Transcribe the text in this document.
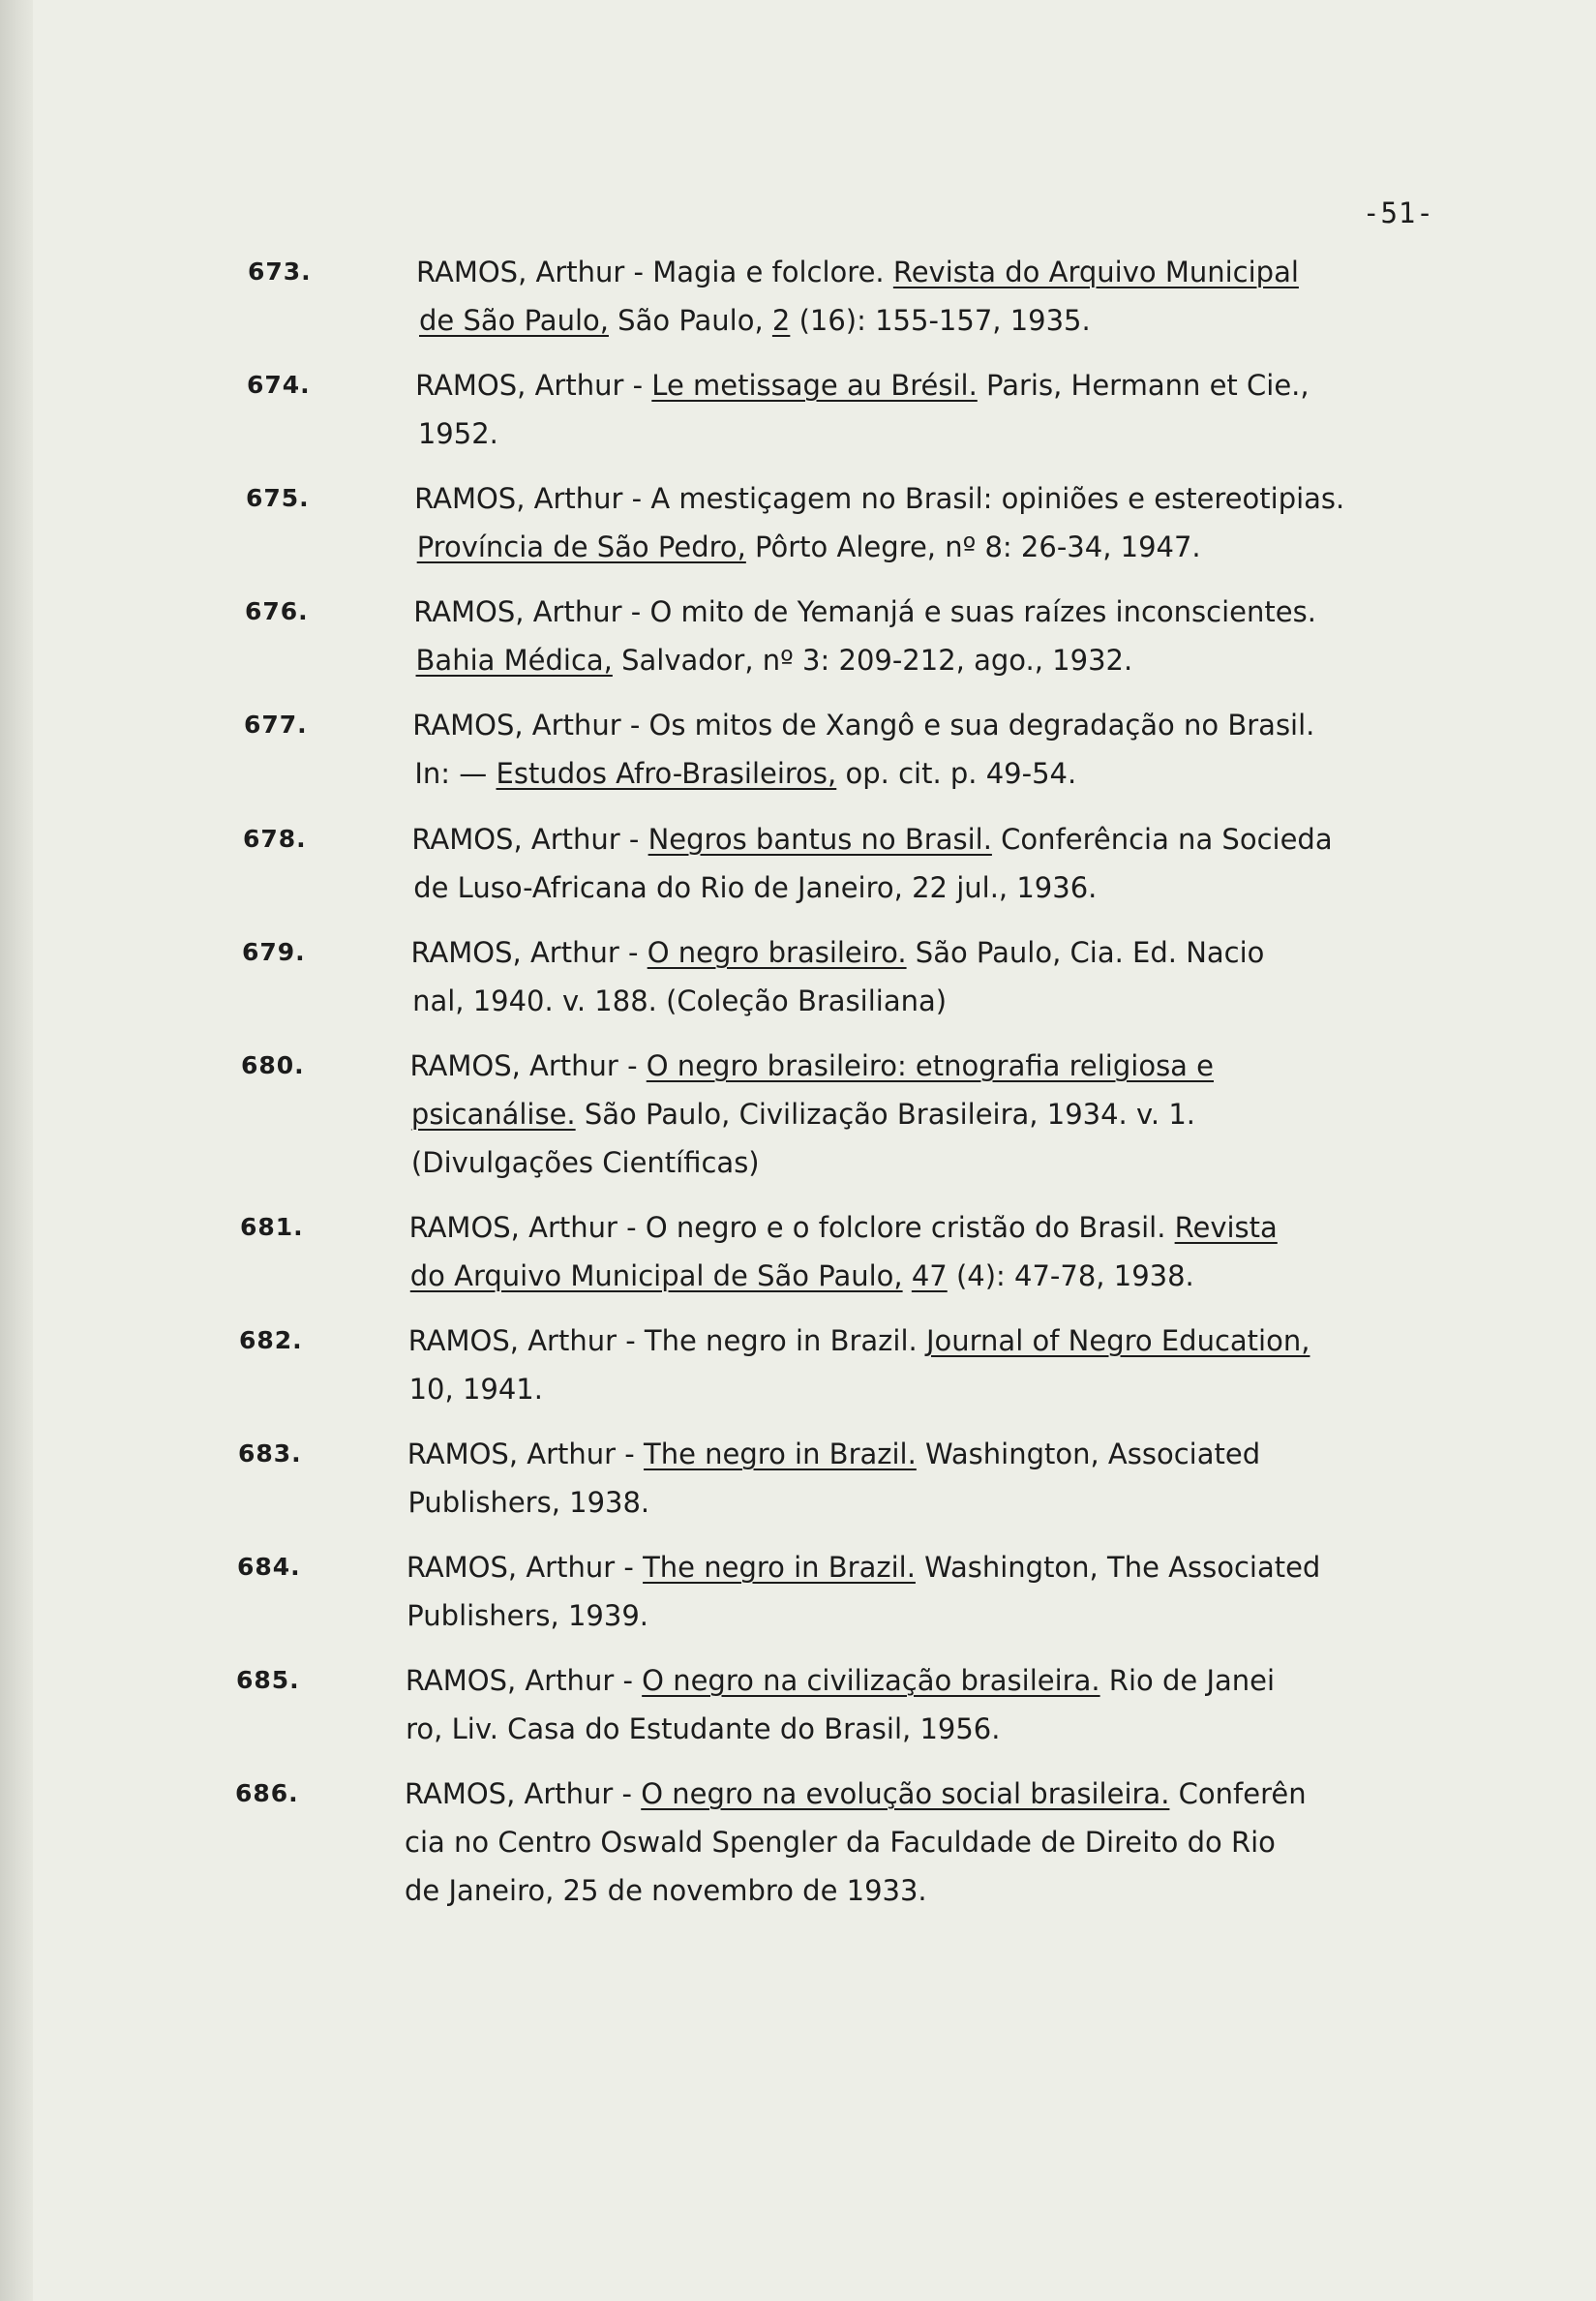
-51-
673.	RAMOS, Arthur - Magia e folclore. Revista do Arquivo Municipal
de São Paulo, São Paulo, 2 (16): 155-157, 1935.
674.	RAMOS, Arthur - Le metissage au Brésil. Paris, Hermann et Cie.,
1952.
675.	RAMOS, Arthur - A mestiçagem no Brasil: opiniões e estereotipias.
Província de São Pedro, Pôrto Alegre, nº 8: 26-34, 1947.
676.	RAMOS, Arthur - O mito de Yemanjá e suas raízes inconscientes.
Bahia Médica, Salvador, nº 3: 209-212, ago., 1932.
677.	RAMOS, Arthur - Os mitos de Xangô e sua degradação no Brasil.
In: — Estudos Afro-Brasileiros, op. cit. p. 49-54.
678.	RAMOS, Arthur - Negros bantus no Brasil. Conferência na Socieda
de Luso-Africana do Rio de Janeiro, 22 jul., 1936.
679.	RAMOS, Arthur - O negro brasileiro. São Paulo, Cia. Ed. Nacio
nal, 1940. v. 188. (Coleção Brasiliana)
680.	RAMOS, Arthur - O negro brasileiro: etnografia religiosa e
psicanálise. São Paulo, Civilização Brasileira, 1934. v. 1.
(Divulgações Científicas)
681.	RAMOS, Arthur - O negro e o folclore cristão do Brasil. Revista
do Arquivo Municipal de São Paulo, 47 (4): 47-78, 1938.
682.	RAMOS, Arthur - The negro in Brazil. Journal of Negro Education,
10, 1941.
683.	RAMOS, Arthur - The negro in Brazil. Washington, Associated
Publishers, 1938.
684.	RAMOS, Arthur - The negro in Brazil. Washington, The Associated
Publishers, 1939.
685.	RAMOS, Arthur - O negro na civilização brasileira. Rio de Janei
ro, Liv. Casa do Estudante do Brasil, 1956.
686.	RAMOS, Arthur - O negro na evolução social brasileira. Conferên
cia no Centro Oswald Spengler da Faculdade de Direito do Rio
de Janeiro, 25 de novembro de 1933.
